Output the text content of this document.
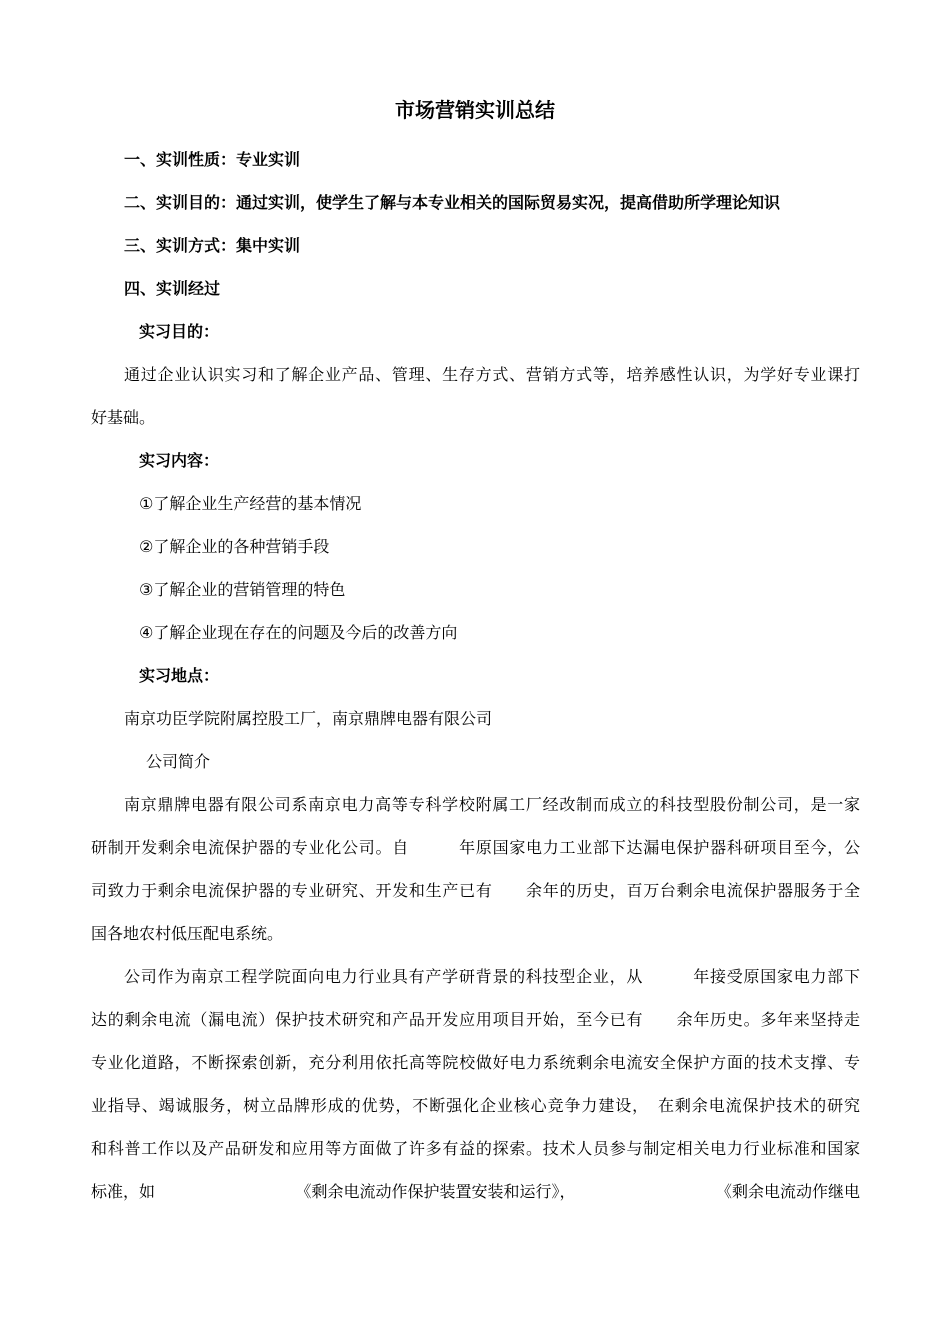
市场营销实训总结
一、实训性质：专业实训
二、实训目的：通过实训，使学生了解与本专业相关的国际贸易实况，提高借助所学理论知识
三、实训方式：集中实训
四、实训经过
实习目的：
通过企业认识实习和了解企业产品、管理、生存方式、营销方式等，培养感性认识，为学好专业课打
好基础。
实习内容：
①了解企业生产经营的基本情况
②了解企业的各种营销手段
③了解企业的营销管理的特色
④了解企业现在存在的问题及今后的改善方向
实习地点：
南京功臣学院附属控股工厂，南京鼎牌电器有限公司
公司简介
南京鼎牌电器有限公司系南京电力高等专科学校附属工厂经改制而成立的科技型股份制公司，是一家
研制开发剩余电流保护器的专业化公司。自　　　年原国家电力工业部下达漏电保护器科研项目至今，公
司致力于剩余电流保护器的专业研究、开发和生产已有　　余年的历史，百万台剩余电流保护器服务于全
国各地农村低压配电系统。
公司作为南京工程学院面向电力行业具有产学研背景的科技型企业，从　　　年接受原国家电力部下
达的剩余电流（漏电流）保护技术研究和产品开发应用项目开始，至今已有　　余年历史。多年来坚持走
专业化道路，不断探索创新，充分利用依托高等院校做好电力系统剩余电流安全保护方面的技术支撑、专
业指导、竭诚服务，树立品牌形成的优势，不断强化企业核心竞争力建设，　在剩余电流保护技术的研究
和科普工作以及产品研发和应用等方面做了许多有益的探索。技术人员参与制定相关电力行业标准和国家
标准，如	《剩余电流动作保护装置安装和运行》，	《剩余电流动作继电
